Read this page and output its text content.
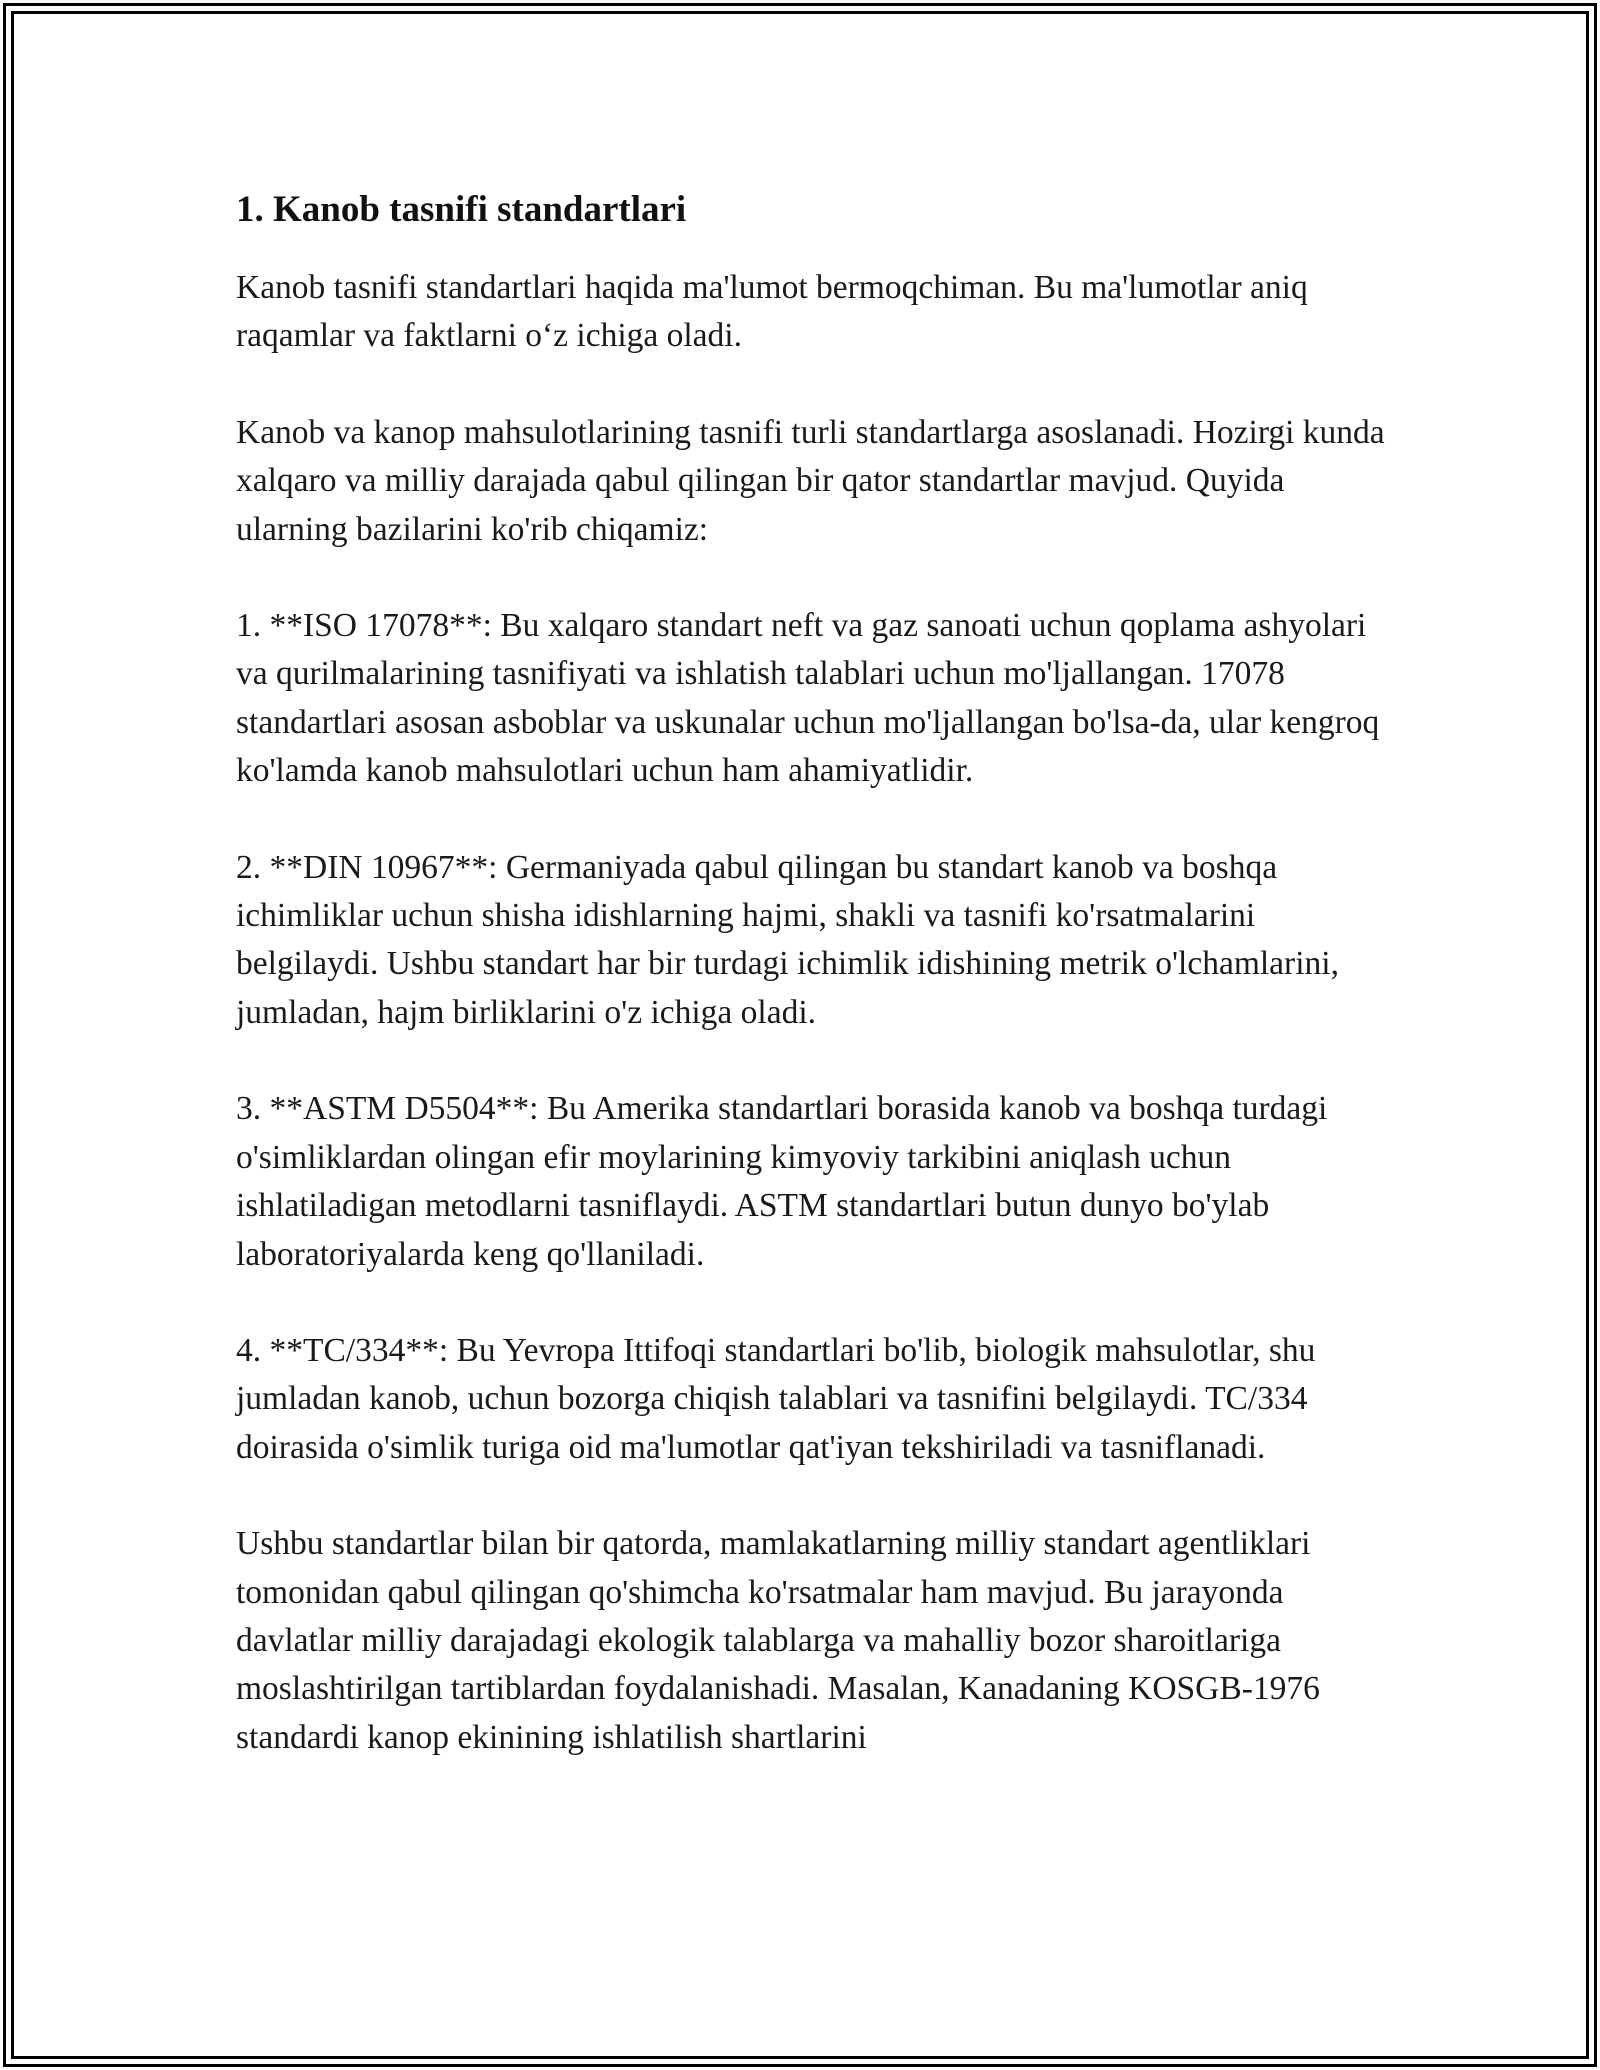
1. Kanob tasnifi standartlari

Kanob tasnifi standartlari haqida ma'lumot bermoqchiman. Bu ma'lumotlar aniq raqamlar va faktlarni o‘z ichiga oladi.

Kanob va kanop mahsulotlarining tasnifi turli standartlarga asoslanadi. Hozirgi kunda xalqaro va milliy darajada qabul qilingan bir qator standartlar mavjud. Quyida ularning bazilarini ko'rib chiqamiz:

1. **ISO 17078**: Bu xalqaro standart neft va gaz sanoati uchun qoplama ashyolari va qurilmalarining tasnifiyati va ishlatish talablari uchun mo'ljallangan. 17078 standartlari asosan asboblar va uskunalar uchun mo'ljallangan bo'lsa-da, ular kengroq ko'lamda kanob mahsulotlari uchun ham ahamiyatlidir.

2. **DIN 10967**: Germaniyada qabul qilingan bu standart kanob va boshqa ichimliklar uchun shisha idishlarning hajmi, shakli va tasnifi ko'rsatmalarini belgilaydi. Ushbu standart har bir turdagi ichimlik idishining metrik o'lchamlarini, jumladan, hajm birliklarini o'z ichiga oladi.

3. **ASTM D5504**: Bu Amerika standartlari borasida kanob va boshqa turdagi o'simliklardan olingan efir moylarining kimyoviy tarkibini aniqlash uchun ishlatiladigan metodlarni tasniflaydi. ASTM standartlari butun dunyo bo'ylab laboratoriyalarda keng qo'llaniladi.

4. **TC/334**: Bu Yevropa Ittifoqi standartlari bo'lib, biologik mahsulotlar, shu jumladan kanob, uchun bozorga chiqish talablari va tasnifini belgilaydi. TC/334 doirasida o'simlik turiga oid ma'lumotlar qat'iyan tekshiriladi va tasniflanadi.

Ushbu standartlar bilan bir qatorda, mamlakatlarning milliy standart agentliklari tomonidan qabul qilingan qo'shimcha ko'rsatmalar ham mavjud. Bu jarayonda davlatlar milliy darajadagi ekologik talablarga va mahalliy bozor sharoitlariga moslashtirilgan tartiblardan foydalanishadi. Masalan, Kanadaning KOSGB-1976 standardi kanop ekinining ishlatilish shartlarini
